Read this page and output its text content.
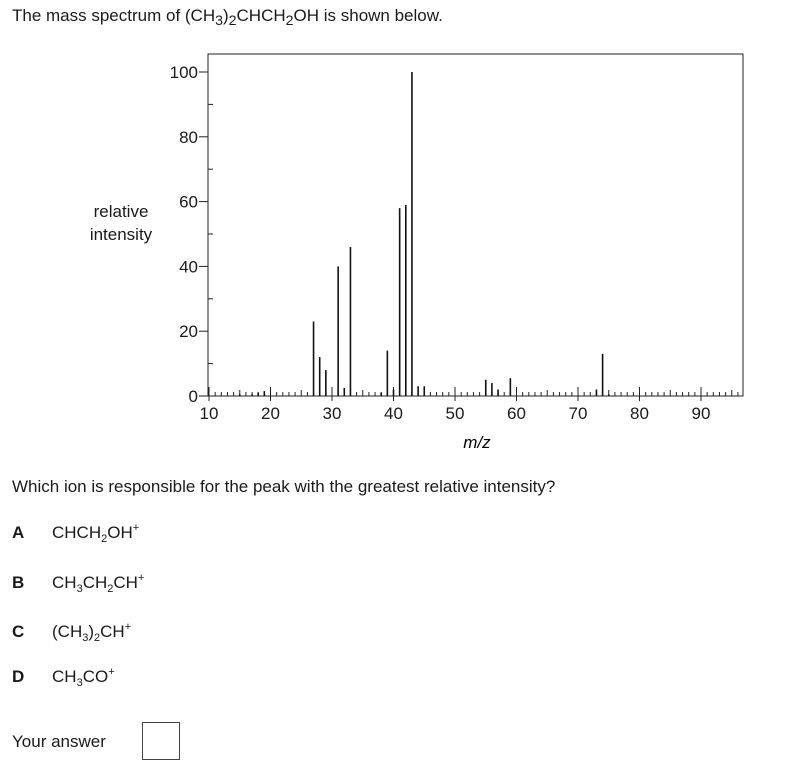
The mass spectrum of $(CH_3)_2CHCH_2OH$ is shown below.
relative
intensity
0
20
40
60
80
100
10	20	30	40	50	60	70	80	90
m/z
Which ion is responsible for the peak with the greatest relative intensity?
A	$CHCH_2OH^+$
B	$CH_3CH_2CH^+$
C	$(CH_3)_2CH^+$
D	$CH_3CO^+$
Your answer
